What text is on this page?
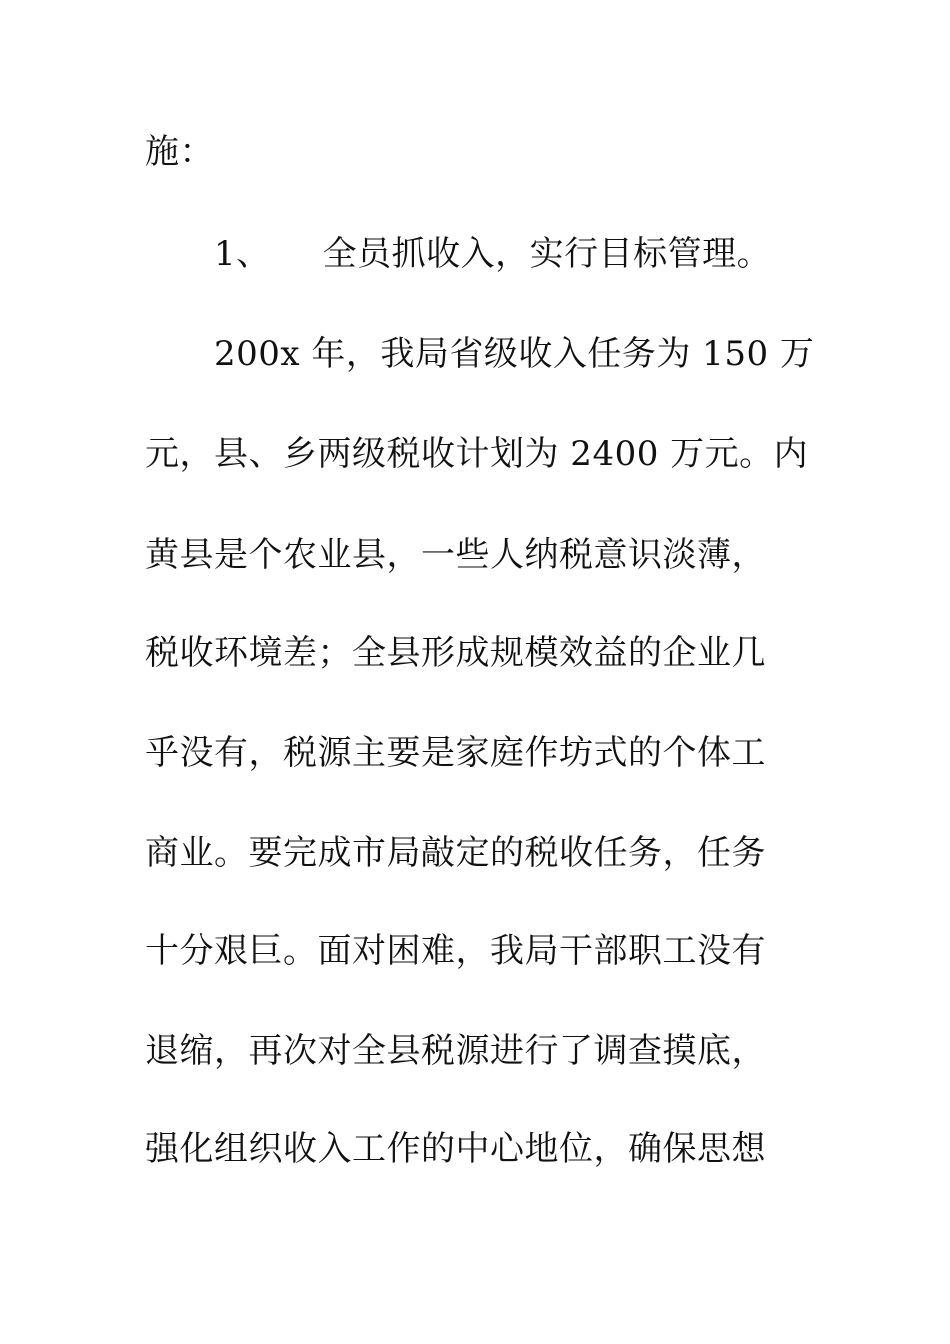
施：
1、 全员抓收入，实行目标管理。
200x 年，我局省级收入任务为 150 万
元，县、乡两级税收计划为 2400 万元。内
黄县是个农业县，一些人纳税意识淡薄，
税收环境差；全县形成规模效益的企业几
乎没有，税源主要是家庭作坊式的个体工
商业。要完成市局敲定的税收任务，任务
十分艰巨。面对困难，我局干部职工没有
退缩，再次对全县税源进行了调查摸底，
强化组织收入工作的中心地位，确保思想
